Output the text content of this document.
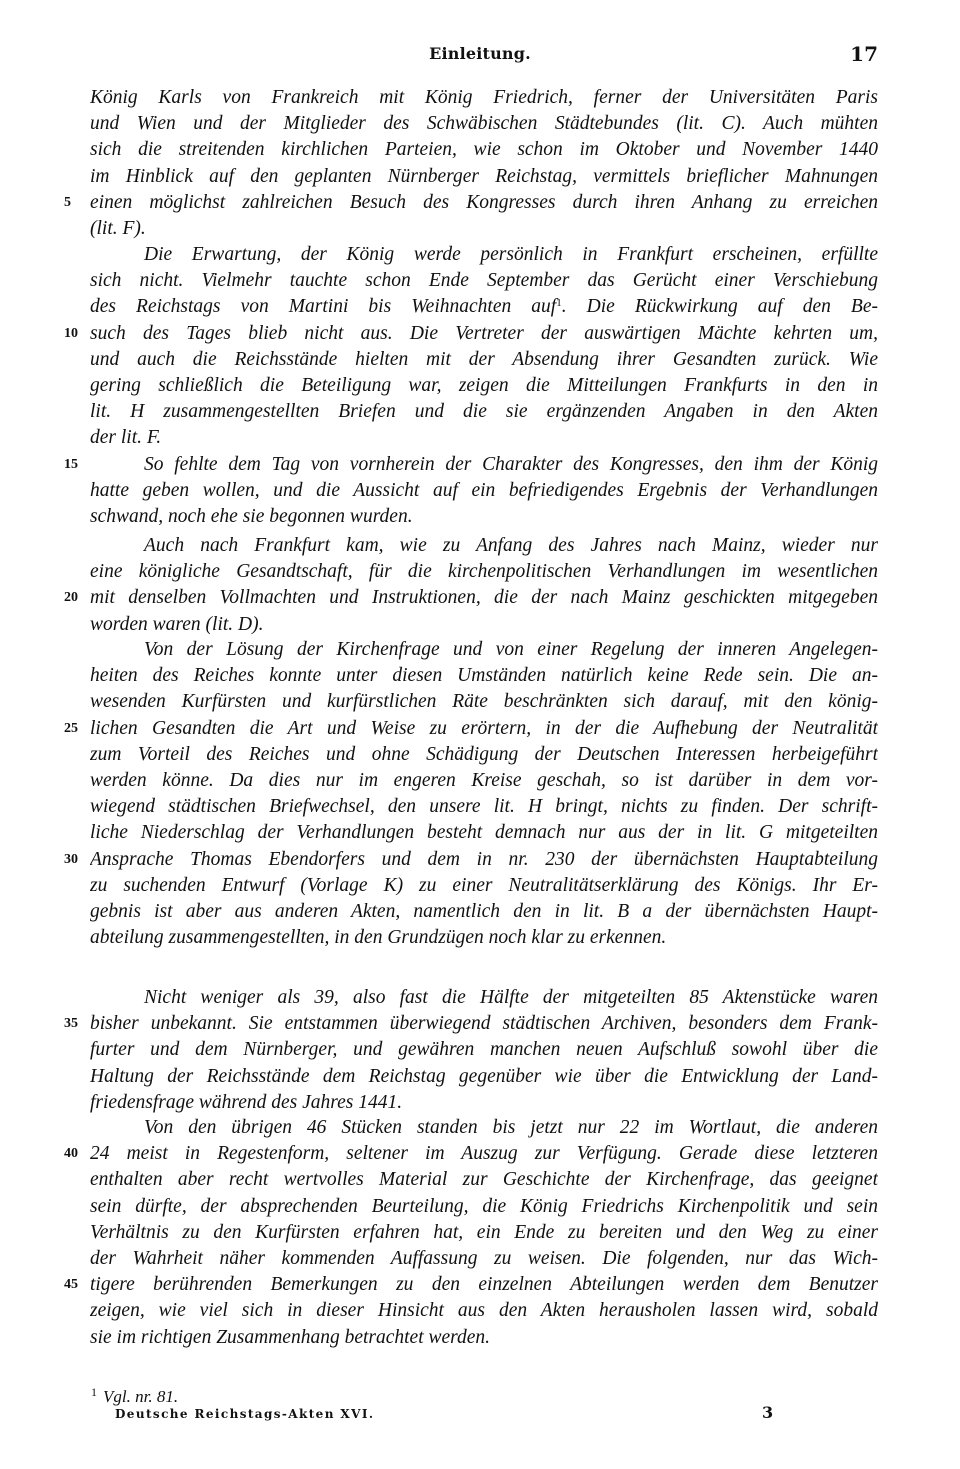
Einleitung.	17
König Karls von Frankreich mit König Friedrich, ferner der Universitäten Paris
und Wien und der Mitglieder des Schwäbischen Städtebundes (lit. C). Auch mühten
sich die streitenden kirchlichen Parteien, wie schon im Oktober und November 1440
im Hinblick auf den geplanten Nürnberger Reichstag, vermittels brieflicher Mahnungen
einen möglichst zahlreichen Besuch des Kongresses durch ihren Anhang zu erreichen
5
(lit. F).
Die Erwartung, der König werde persönlich in Frankfurt erscheinen, erfüllte
sich nicht. Vielmehr tauchte schon Ende September das Gerücht einer Verschiebung
des Reichstags von Martini bis Weihnachten auf$^1$. Die Rückwirkung auf den Be-
such des Tages blieb nicht aus. Die Vertreter der auswärtigen Mächte kehrten um,
10
und auch die Reichsstände hielten mit der Absendung ihrer Gesandten zurück. Wie
gering schließlich die Beteiligung war, zeigen die Mitteilungen Frankfurts in den in
lit. H zusammengestellten Briefen und die sie ergänzenden Angaben in den Akten
der lit. F.
So fehlte dem Tag von vornherein der Charakter des Kongresses, den ihm der König
15
hatte geben wollen, und die Aussicht auf ein befriedigendes Ergebnis der Verhandlungen
schwand, noch ehe sie begonnen wurden.
Auch nach Frankfurt kam, wie zu Anfang des Jahres nach Mainz, wieder nur
eine königliche Gesandtschaft, für die kirchenpolitischen Verhandlungen im wesentlichen
mit denselben Vollmachten und Instruktionen, die der nach Mainz geschickten mitgegeben
20
worden waren (lit. D).
Von der Lösung der Kirchenfrage und von einer Regelung der inneren Angelegen-
heiten des Reiches konnte unter diesen Umständen natürlich keine Rede sein. Die an-
wesenden Kurfürsten und kurfürstlichen Räte beschränkten sich darauf, mit den könig-
lichen Gesandten die Art und Weise zu erörtern, in der die Aufhebung der Neutralität
25
zum Vorteil des Reiches und ohne Schädigung der Deutschen Interessen herbeigeführt
werden könne. Da dies nur im engeren Kreise geschah, so ist darüber in dem vor-
wiegend städtischen Briefwechsel, den unsere lit. H bringt, nichts zu finden. Der schrift-
liche Niederschlag der Verhandlungen besteht demnach nur aus der in lit. G mitgeteilten
Ansprache Thomas Ebendorfers und dem in nr. 230 der übernächsten Hauptabteilung
30
zu suchenden Entwurf (Vorlage K) zu einer Neutralitätserklärung des Königs. Ihr Er-
gebnis ist aber aus anderen Akten, namentlich den in lit. B a der übernächsten Haupt-
abteilung zusammengestellten, in den Grundzügen noch klar zu erkennen.
Nicht weniger als 39, also fast die Hälfte der mitgeteilten 85 Aktenstücke waren
bisher unbekannt. Sie entstammen überwiegend städtischen Archiven, besonders dem Frank-
35
furter und dem Nürnberger, und gewähren manchen neuen Aufschluß sowohl über die
Haltung der Reichsstände dem Reichstag gegenüber wie über die Entwicklung der Land-
friedensfrage während des Jahres 1441.
Von den übrigen 46 Stücken standen bis jetzt nur 22 im Wortlaut, die anderen
24 meist in Regestenform, seltener im Auszug zur Verfügung. Gerade diese letzteren
40
enthalten aber recht wertvolles Material zur Geschichte der Kirchenfrage, das geeignet
sein dürfte, der absprechenden Beurteilung, die König Friedrichs Kirchenpolitik und sein
Verhältnis zu den Kurfürsten erfahren hat, ein Ende zu bereiten und den Weg zu einer
der Wahrheit näher kommenden Auffassung zu weisen. Die folgenden, nur das Wich-
tigere berührenden Bemerkungen zu den einzelnen Abteilungen werden dem Benutzer
45
zeigen, wie viel sich in dieser Hinsicht aus den Akten herausholen lassen wird, sobald
sie im richtigen Zusammenhang betrachtet werden.
$^1$ Vgl. nr. 81.
Deutsche Reichstags-Akten XVI.	3
